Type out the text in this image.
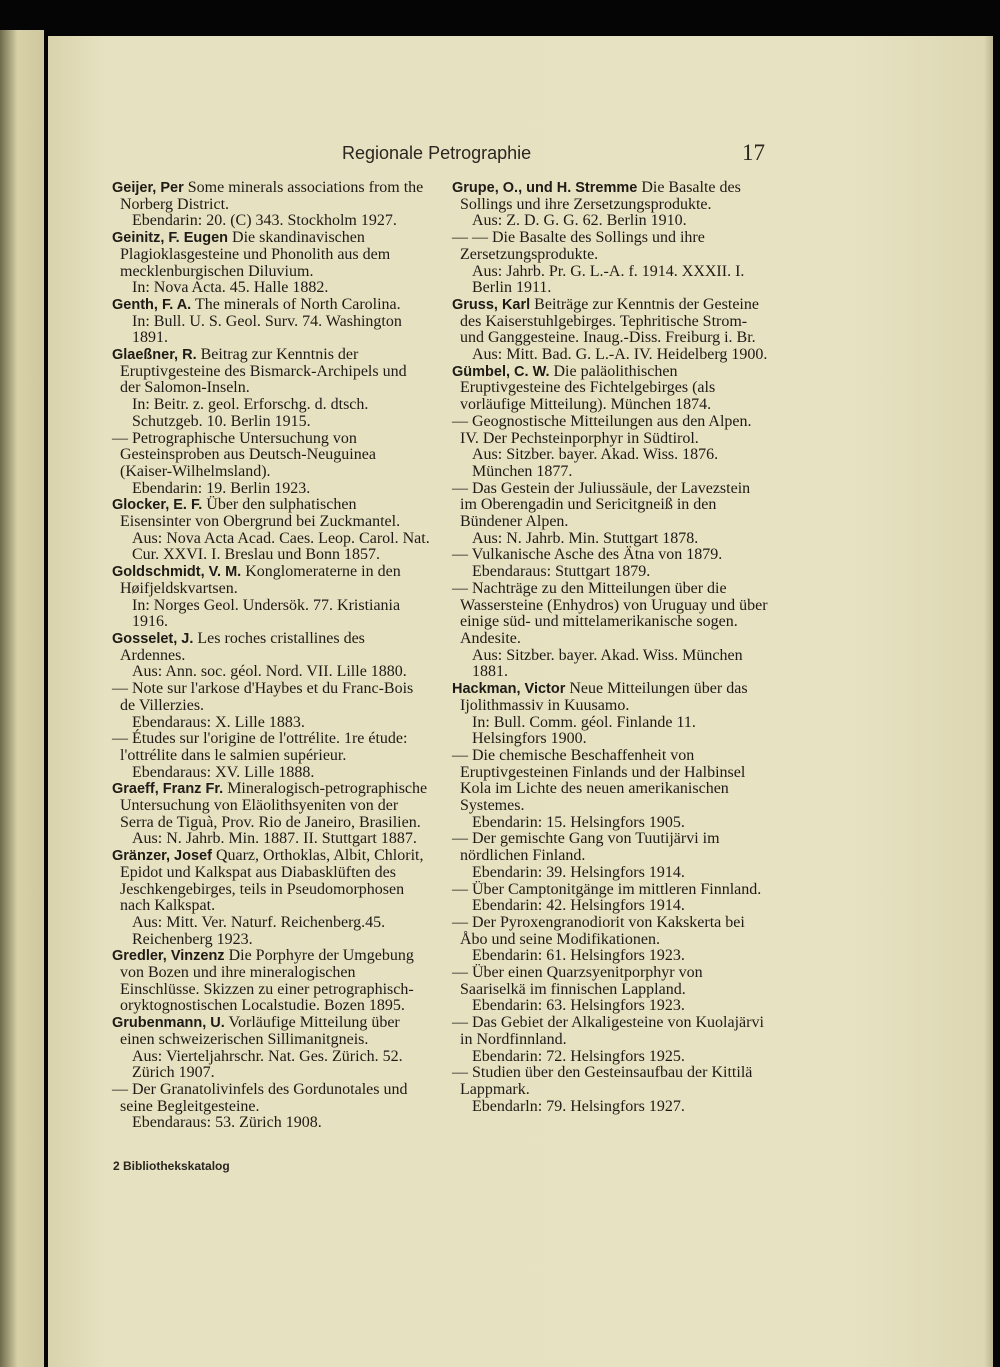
Regionale Petrographie	17

Geijer, Per Some minerals associations from the Norberg District.

Ebendarin: 20. (C) 343. Stockholm 1927.

Geinitz, F. Eugen Die skandinavischen Plagioklasgesteine und Phonolith aus dem mecklenburgischen Diluvium.

In: Nova Acta. 45. Halle 1882.

Genth, F. A. The minerals of North Carolina.

In: Bull. U. S. Geol. Surv. 74. Washington 1891.

Glaeßner, R. Beitrag zur Kenntnis der Eruptivgesteine des Bismarck-Archipels und der Salomon-Inseln.

In: Beitr. z. geol. Erforschg. d. dtsch. Schutzgeb. 10. Berlin 1915.

— Petrographische Untersuchung von Gesteinsproben aus Deutsch-Neuguinea (Kaiser-Wilhelmsland).

Ebendarin: 19. Berlin 1923.

Glocker, E. F. Über den sulphatischen Eisensinter von Obergrund bei Zuckmantel.

Aus: Nova Acta Acad. Caes. Leop. Carol. Nat. Cur. XXVI. I. Breslau und Bonn 1857.

Goldschmidt, V. M. Konglomeraterne in den Høifjeldskvartsen.

In: Norges Geol. Undersök. 77. Kristiania 1916.

Gosselet, J. Les roches cristallines des Ardennes.

Aus: Ann. soc. géol. Nord. VII. Lille 1880.

— Note sur l'arkose d'Haybes et du Franc-Bois de Villerzies.

Ebendaraus: X. Lille 1883.

— Études sur l'origine de l'ottrélite. 1re étude: l'ottrélite dans le salmien supérieur.

Ebendaraus: XV. Lille 1888.

Graeff, Franz Fr. Mineralogisch-petrographische Untersuchung von Eläolithsyeniten von der Serra de Tiguà, Prov. Rio de Janeiro, Brasilien.

Aus: N. Jahrb. Min. 1887. II. Stuttgart 1887.

Gränzer, Josef Quarz, Orthoklas, Albit, Chlorit, Epidot und Kalkspat aus Diabasklüften des Jeschkengebirges, teils in Pseudomorphosen nach Kalkspat.

Aus: Mitt. Ver. Naturf. Reichenberg.45. Reichenberg 1923.

Gredler, Vinzenz Die Porphyre der Umgebung von Bozen und ihre mineralogischen Einschlüsse. Skizzen zu einer petrographisch-oryktognostischen Localstudie. Bozen 1895.

Grubenmann, U. Vorläufige Mitteilung über einen schweizerischen Sillimanitgneis.

Aus: Vierteljahrschr. Nat. Ges. Zürich. 52. Zürich 1907.

— Der Granatolivinfels des Gordunotales und seine Begleitgesteine.

Ebendaraus: 53. Zürich 1908.

Grupe, O., und H. Stremme Die Basalte des Sollings und ihre Zersetzungsprodukte.

Aus: Z. D. G. G. 62. Berlin 1910.

— — Die Basalte des Sollings und ihre Zersetzungsprodukte.

Aus: Jahrb. Pr. G. L.-A. f. 1914. XXXII. I. Berlin 1911.

Gruss, Karl Beiträge zur Kenntnis der Gesteine des Kaiserstuhlgebirges. Tephritische Strom- und Ganggesteine. Inaug.-Diss. Freiburg i. Br.

Aus: Mitt. Bad. G. L.-A. IV. Heidelberg 1900.

Gümbel, C. W. Die paläolithischen Eruptivgesteine des Fichtelgebirges (als vorläufige Mitteilung). München 1874.

— Geognostische Mitteilungen aus den Alpen. IV. Der Pechsteinporphyr in Südtirol.

Aus: Sitzber. bayer. Akad. Wiss. 1876. München 1877.

— Das Gestein der Juliussäule, der Lavezstein im Oberengadin und Sericitgneiß in den Bündener Alpen.

Aus: N. Jahrb. Min. Stuttgart 1878.

— Vulkanische Asche des Ätna von 1879.

Ebendaraus: Stuttgart 1879.

— Nachträge zu den Mitteilungen über die Wassersteine (Enhydros) von Uruguay und über einige süd- und mittelamerikanische sogen. Andesite.

Aus: Sitzber. bayer. Akad. Wiss. München 1881.

Hackman, Victor Neue Mitteilungen über das Ijolithmassiv in Kuusamo.

In: Bull. Comm. géol. Finlande 11. Helsingfors 1900.

— Die chemische Beschaffenheit von Eruptivgesteinen Finlands und der Halbinsel Kola im Lichte des neuen amerikanischen Systemes.

Ebendarin: 15. Helsingfors 1905.

— Der gemischte Gang von Tuutijärvi im nördlichen Finland.

Ebendarin: 39. Helsingfors 1914.

— Über Camptonitgänge im mittleren Finnland.

Ebendarin: 42. Helsingfors 1914.

— Der Pyroxengranodiorit von Kakskerta bei Åbo und seine Modifikationen.

Ebendarin: 61. Helsingfors 1923.

— Über einen Quarzsyenitporphyr von Saariselkä im finnischen Lappland.

Ebendarin: 63. Helsingfors 1923.

— Das Gebiet der Alkaligesteine von Kuolajärvi in Nordfinnland.

Ebendarin: 72. Helsingfors 1925.

— Studien über den Gesteinsaufbau der Kittilä Lappmark.

Ebendarln: 79. Helsingfors 1927.

2 Bibliothekskatalog
